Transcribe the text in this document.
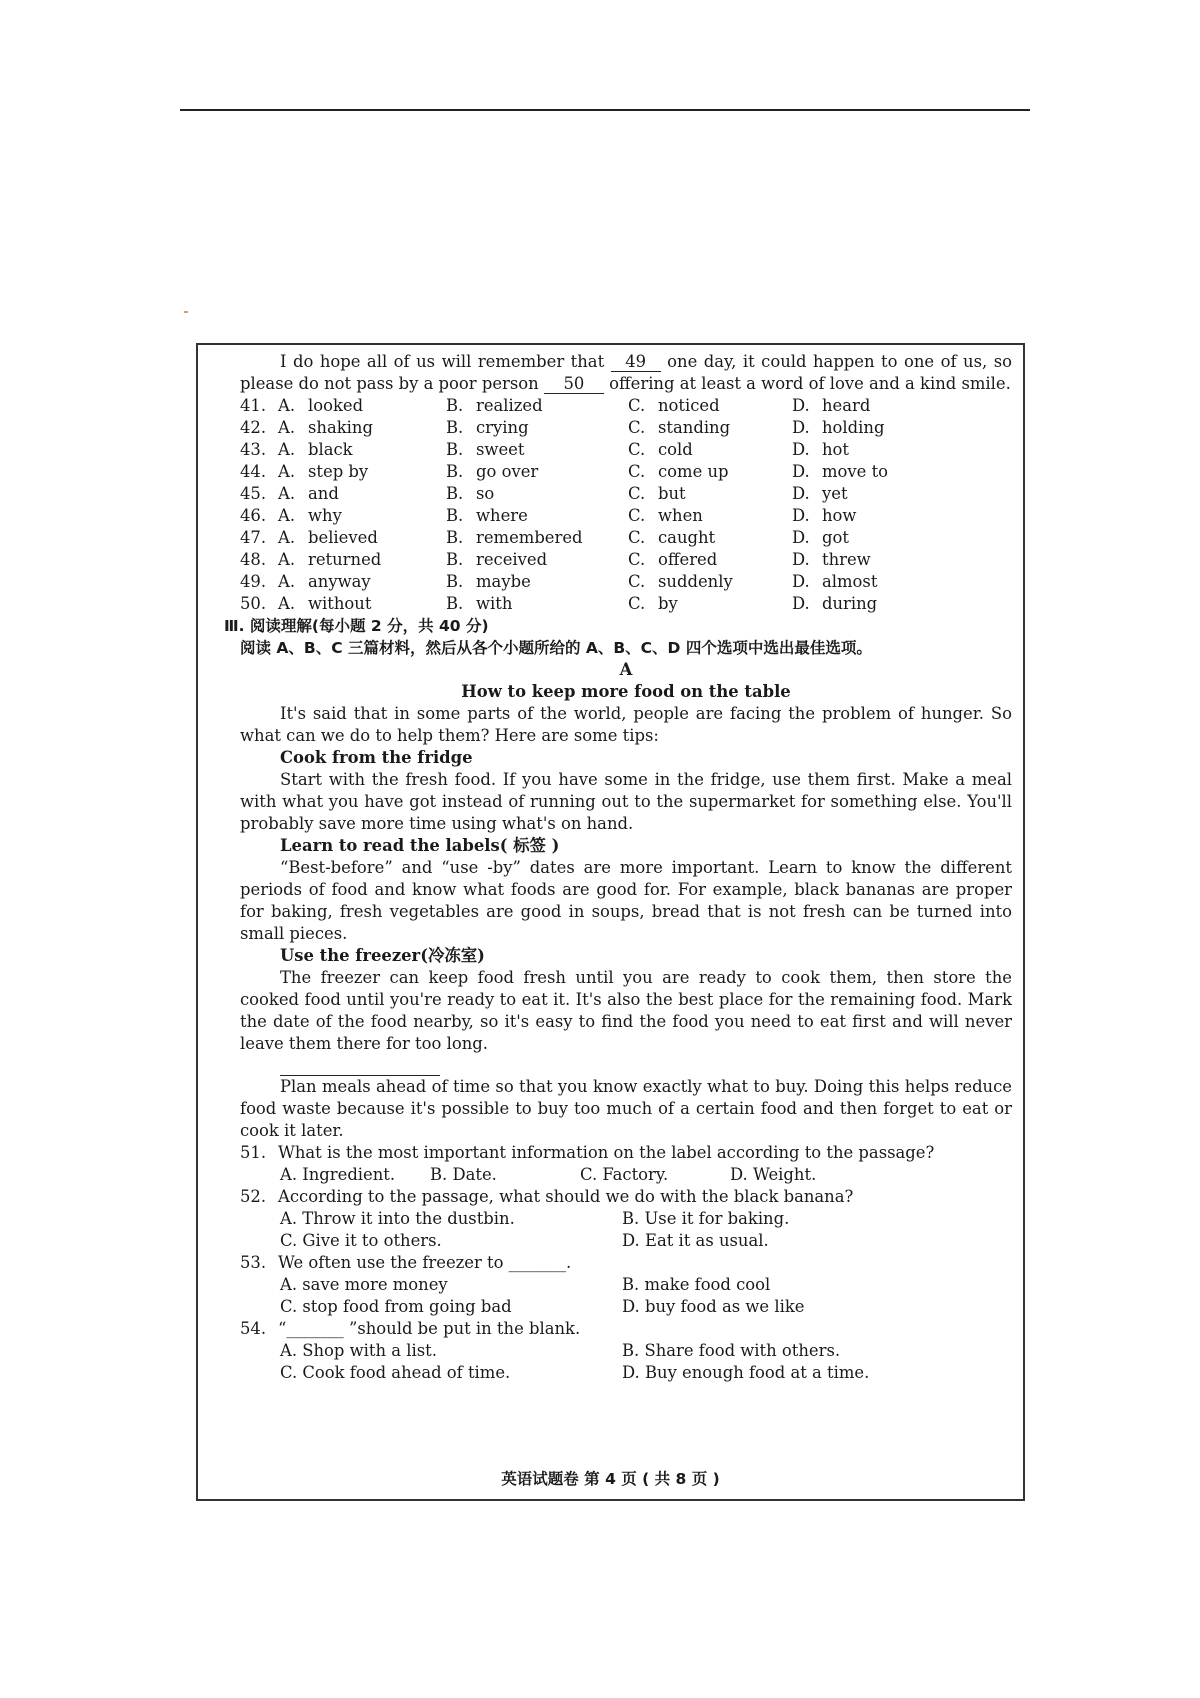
I do hope all of us will remember that 49 one day, it could happen to one of us, so please do not pass by a poor person 50 offering at least a word of love and a kind smile.

41. A. looked	B. realized	C. noticed	D. heard
42. A. shaking	B. crying	C. standing	D. holding
43. A. black	B. sweet	C. cold	D. hot
44. A. step by	B. go over	C. come up	D. move to
45. A. and	B. so	C. but	D. yet
46. A. why	B. where	C. when	D. how
47. A. believed	B. remembered	C. caught	D. got
48. A. returned	B. received	C. offered	D. threw
49. A. anyway	B. maybe	C. suddenly	D. almost
50. A. without	B. with	C. by	D. during
Ⅲ. 阅读理解(每小题 2 分，共 40 分)
阅读 A、B、C 三篇材料，然后从各个小题所给的 A、B、C、D 四个选项中选出最佳选项。
A
How to keep more food on the table

It's said that in some parts of the world, people are facing the problem of hunger. So what can we do to help them? Here are some tips:

Cook from the fridge

Start with the fresh food. If you have some in the fridge, use them first. Make a meal with what you have got instead of running out to the supermarket for something else. You'll probably save more time using what's on hand.

Learn to read the labels( 标签 )

“Best-before” and “use -by” dates are more important. Learn to know the different periods of food and know what foods are good for. For example, black bananas are proper for baking, fresh vegetables are good in soups, bread that is not fresh can be turned into small pieces.

Use the freezer(冷冻室)

The freezer can keep food fresh until you are ready to cook them, then store the cooked food until you're ready to eat it. It's also the best place for the remaining food. Mark the date of the food nearby, so it's easy to find the food you need to eat first and will never leave them there for too long.

Plan meals ahead of time so that you know exactly what to buy. Doing this helps reduce food waste because it's possible to buy too much of a certain food and then forget to eat or cook it later.

51. What is the most important information on the label according to the passage?
A. Ingredient.	B. Date.	C. Factory.	D. Weight.
52. According to the passage, what should we do with the black banana?
A. Throw it into the dustbin.	B. Use it for baking.
C. Give it to others.	D. Eat it as usual.
53. We often use the freezer to _______.
A. save more money	B. make food cool
C. stop food from going bad	D. buy food as we like
54. “_______ ”should be put in the blank.
A. Shop with a list.	B. Share food with others.
C. Cook food ahead of time.	D. Buy enough food at a time.
英语试题卷 第 4 页 ( 共 8 页 )
